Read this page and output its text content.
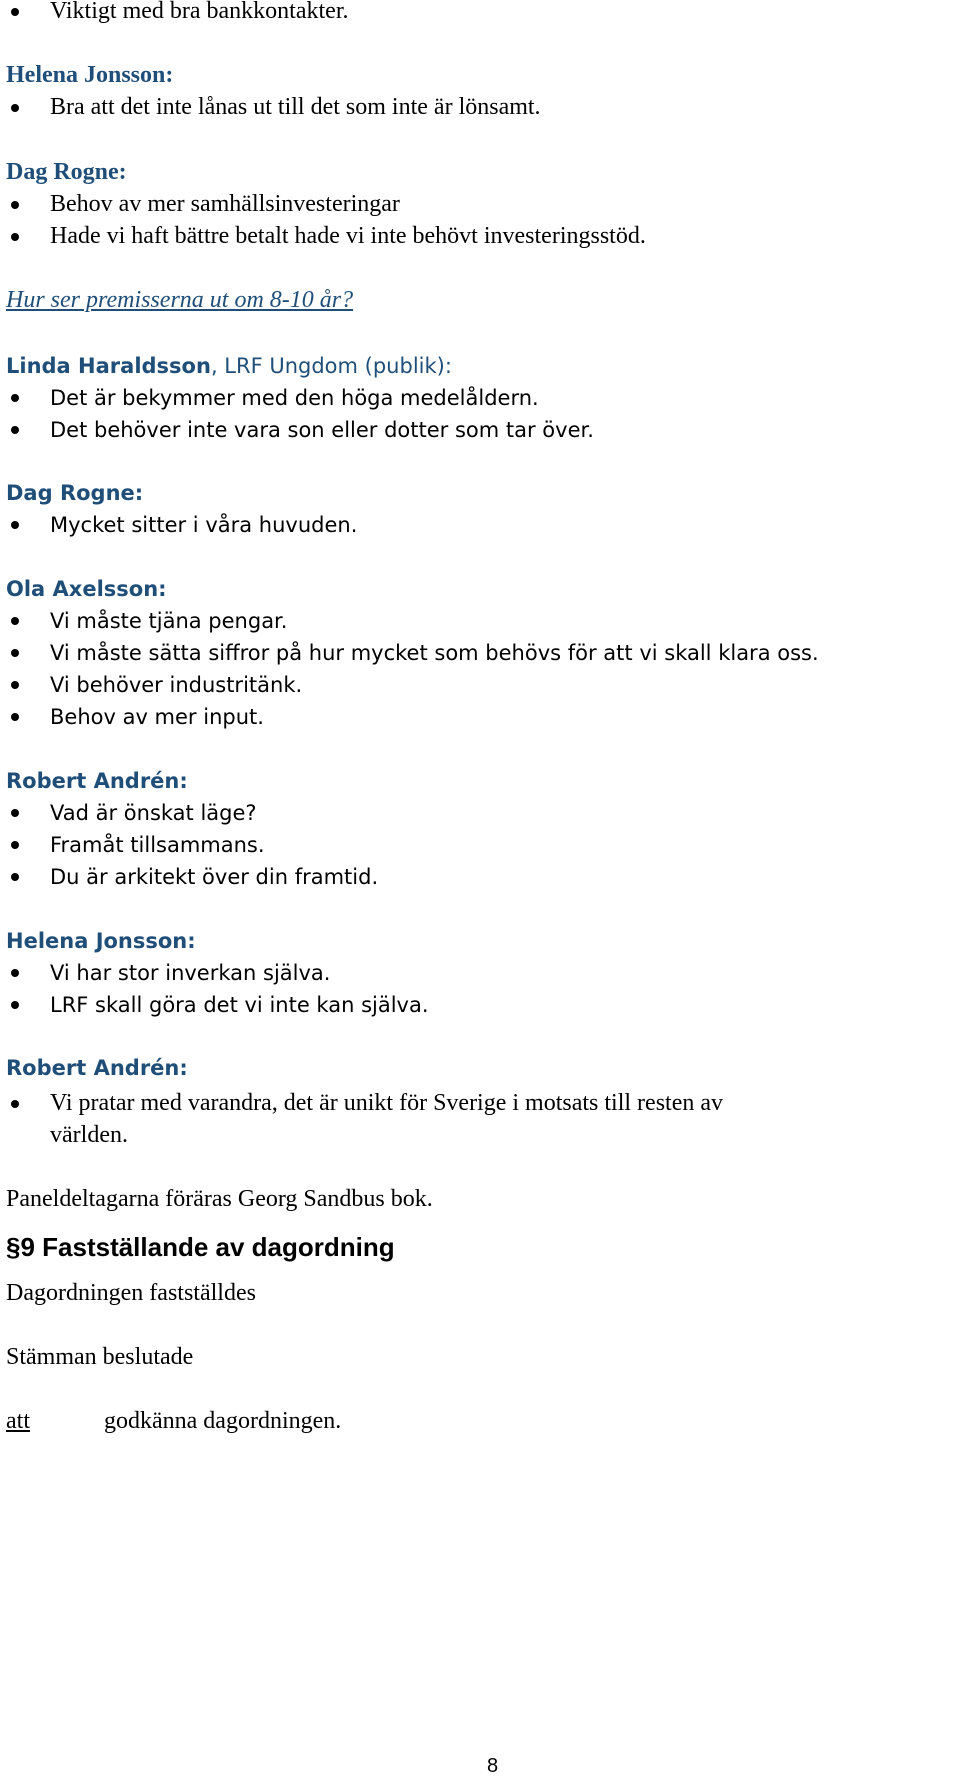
Viktigt med bra bankkontakter.
Helena Jonsson:
Bra att det inte lånas ut till det som inte är lönsamt.
Dag Rogne:
Behov av mer samhällsinvesteringar
Hade vi haft bättre betalt hade vi inte behövt investeringsstöd.
Hur ser premisserna ut om 8-10 år?
Linda Haraldsson, LRF Ungdom (publik):
Det är bekymmer med den höga medelåldern.
Det behöver inte vara son eller dotter som tar över.
Dag Rogne:
Mycket sitter i våra huvuden.
Ola Axelsson:
Vi måste tjäna pengar.
Vi måste sätta siffror på hur mycket som behövs för att vi skall klara oss.
Vi behöver industritänk.
Behov av mer input.
Robert Andrén:
Vad är önskat läge?
Framåt tillsammans.
Du är arkitekt över din framtid.
Helena Jonsson:
Vi har stor inverkan själva.
LRF skall göra det vi inte kan själva.
Robert Andrén:
Vi pratar med varandra, det är unikt för Sverige i motsats till resten av
världen.
Paneldeltagarna föräras Georg Sandbus bok.
§9 Fastställande av dagordning
Dagordningen fastställdes
Stämman beslutade
att	godkänna dagordningen.
8
